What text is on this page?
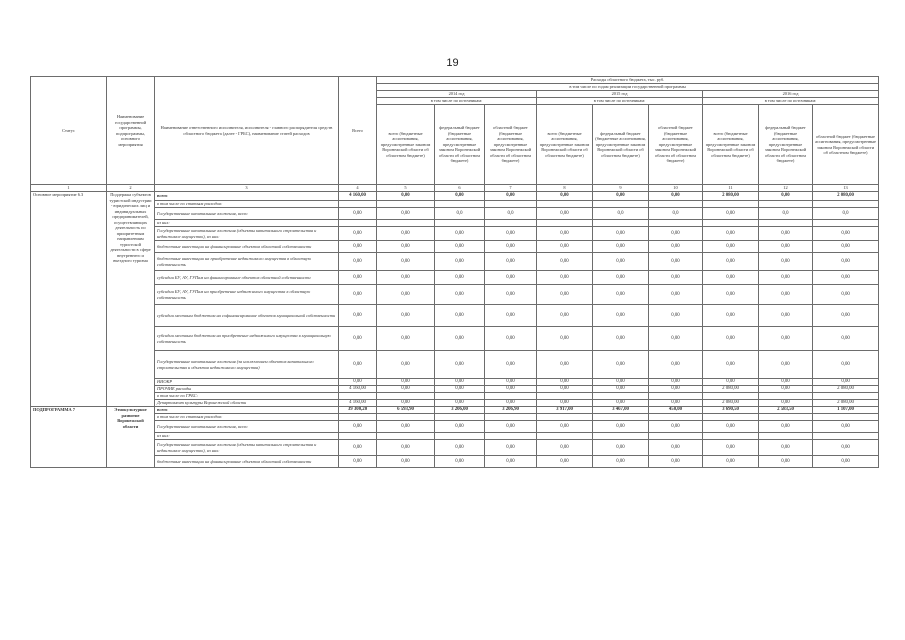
19
Статус	Наименование государственной программы, подпрограммы, основного мероприятия	Наименование ответственного исполнителя, исполнителя - главного распорядителя средств областного бюджета (далее - ГРБС), наименование статей расходов	Всего	Расходы областного бюджета, тыс. руб.								
				в том числе по годам реализации государственной программы								
				2014 год			2015 год			2016 год		
				в том числе по источникам:			в том числе по источникам:			в том числе по источникам:		
				всего (бюджетные ассигнования, предусмотренные законом Воронежской области об областном бюджете)	федеральный бюджет (бюджетные ассигнования, предусмотренные законом Воронежской области об областном бюджете)	областной бюджет (бюджетные ассигнования, предусмотренные законом Воронежской области об областном бюджете)	всего (бюджетные ассигнования, предусмотренные законом Воронежской области об областном бюджете)	федеральный бюджет (бюджетные ассигнования, предусмотренные законом Воронежской области об областном бюджете)	областной бюджет (бюджетные ассигнования, предусмотренные законом Воронежской области об областном бюджете)	всего (бюджетные ассигнования, предусмотренные законом Воронежской области об областном бюджете)	федеральный бюджет (бюджетные ассигнования, предусмотренные законом Воронежской области об областном бюджете)	областной бюджет (бюджетные ассигнования, предусмотренные законом Воронежской области об областном бюджете)
1	2	3	4	5	6	7	8	9	10	11	12	13
Основное мероприятие 6.3	Поддержка субъектов туристской индустрии - юридических лиц и индивидуальных предпринимателей, осуществляющих деятельность по приоритетным направлениям туристской деятельности в сфере внутреннего и въездного туризма	всего	4 160,00	0,00	0,00	0,00	0,00	0,00	0,00	2 080,00	0,00	2 080,00
		в том числе по статьям расходов:										
		Государственные капитальные вложения, всего	0,00	0,00	0,0	0,0	0,00	0,0	0,0	0,00	0,0	0,0
		из них:										
		Государственные капитальные вложения (объекты капитального строительства и недвижимое имущество), из них:	0,00	0,00	0,00	0,00	0,00	0,00	0,00	0,00	0,00	0,00
		бюджетные инвестиции на финансирование объектов областной собственности	0,00	0,00	0,00	0,00	0,00	0,00	0,00	0,00	0,00	0,00
		бюджетные инвестиции на приобретение недвижимого имущества в областную собственность	0,00	0,00	0,00	0,00	0,00	0,00	0,00	0,00	0,00	0,00
		субсидии БУ, АУ, ГУПам на финансирование объектов областной собственности	0,00	0,00	0,00	0,00	0,00	0,00	0,00	0,00	0,00	0,00
		субсидии БУ, АУ, ГУПам на приобретение недвижимого имущества в областную собственность	0,00	0,00	0,00	0,00	0,00	0,00	0,00	0,00	0,00	0,00
		субсидии местным бюджетам на софинансирование объектов муниципальной собственности	0,00	0,00	0,00	0,00	0,00	0,00	0,00	0,00	0,00	0,00
		субсидии местным бюджетам на приобретение недвижимого имущества в муниципальную собственность	0,00	0,00	0,00	0,00	0,00	0,00	0,00	0,00	0,00	0,00
		Государственные капитальные вложения (за исключением объектов капитального строительства и объектов недвижимого имущества)	0,00	0,00	0,00	0,00	0,00	0,00	0,00	0,00	0,00	0,00
		НИОКР	0,00	0,00	0,00	0,00	0,00	0,00	0,00	0,00	0,00	0,00
		ПРОЧИЕ расходы	4 160,00	0,00	0,00	0,00	0,00	0,00	0,00	2 080,00	0,00	2 080,00
		в том числе по ГРБС:										
		Департамент культуры Воронежской области	4 160,00	0,00	0,00	0,00	0,00	0,00	0,00	2 080,00	0,00	2 080,00
ПОДПРОГРАММА 7	Этнокультурное развитие Воронежской области	всего	39 300,20	6 593,90	3 206,00	3 206,90	3 917,00	3 467,00	450,00	3 690,50	2 583,50	1 107,00
		в том числе по статьям расходов:										
		Государственные капитальные вложения, всего	0,00	0,00	0,00	0,00	0,00	0,00	0,00	0,00	0,00	0,00
		из них:										
		Государственные капитальные вложения (объекты капитального строительства и недвижимое имущество), из них:	0,00	0,00	0,00	0,00	0,00	0,00	0,00	0,00	0,00	0,00
		бюджетные инвестиции на финансирование объектов областной собственности	0,00	0,00	0,00	0,00	0,00	0,00	0,00	0,00	0,00	0,00
